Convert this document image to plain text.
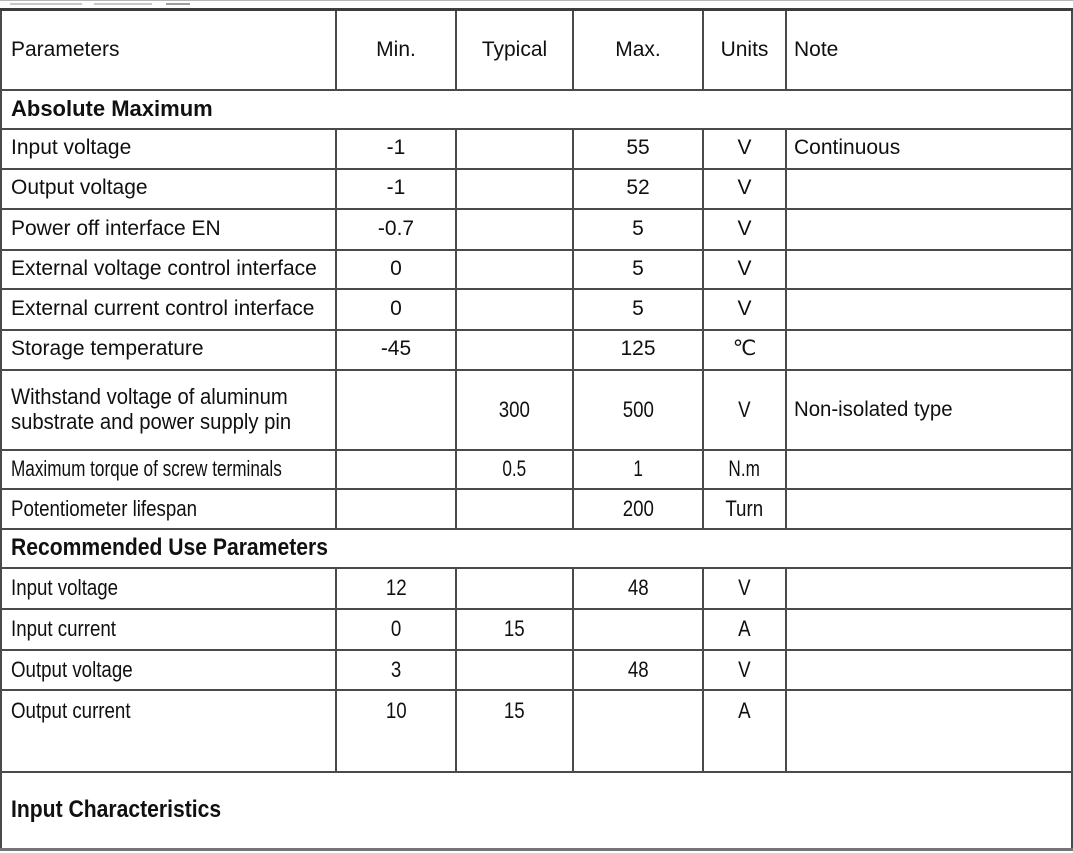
Parameters	Min.	Typical	Max.	Units	Note
Absolute Maximum					
Input voltage	-1		55	V	Continuous
Output voltage	-1		52	V	
Power off interface EN	-0.7		5	V	
External voltage control interface	0		5	V	
External current control interface	0		5	V	
Storage temperature	-45		125	℃	
Withstand voltage of aluminum substrate and power supply pin		300	500	V	Non-isolated type
Maximum torque of screw terminals		0.5	1	N.m	
Potentiometer lifespan			200	Turn	
Recommended Use Parameters					
Input voltage	12		48	V	
Input current	0	15		A	
Output voltage	3		48	V	
Output current	10	15		A	
Input Characteristics					
